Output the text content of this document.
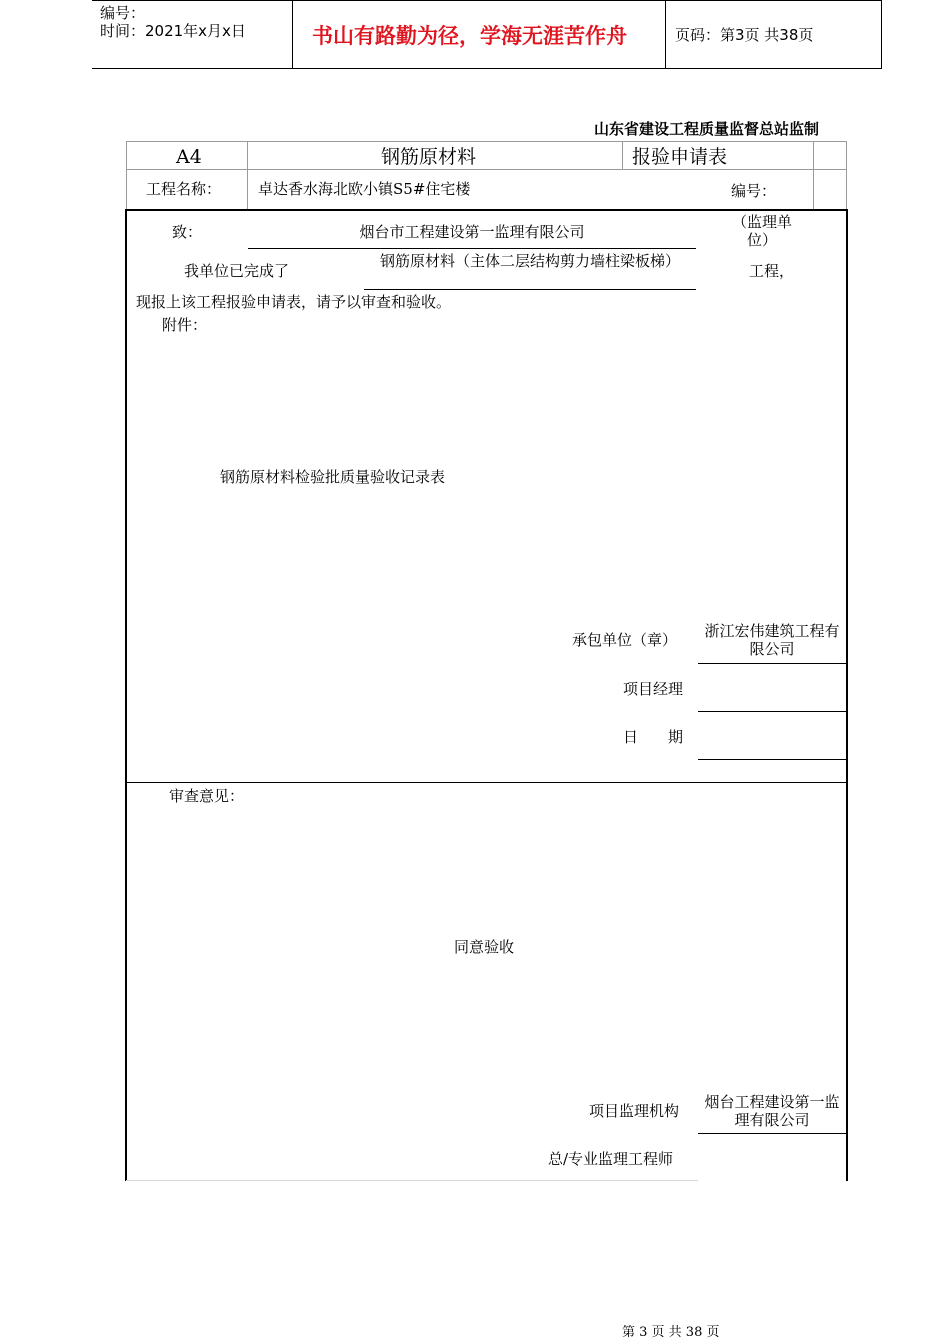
编号：
时间：2021年x月x日	书山有路勤为径，学海无涯苦作舟	页码：第3页 共38页
山东省建设工程质量监督总站监制
A4	钢筋原材料	报验申请表
工程名称： 卓达香水海北欧小镇S5#住宅楼	编号：
致：	烟台市工程建设第一监理有限公司
（监理单位）
我单位已完成了
钢筋原材料（主体二层结构剪力墙柱梁板梯）
工程，
现报上该工程报验申请表，请予以审查和验收。
附件：
钢筋原材料检验批质量验收记录表
承包单位（章）	浙江宏伟建筑工程有限公司
项目经理
日　　期
审查意见：
同意验收
项目监理机构	烟台工程建设第一监理有限公司
总/专业监理工程师
第 3 页 共 38 页
